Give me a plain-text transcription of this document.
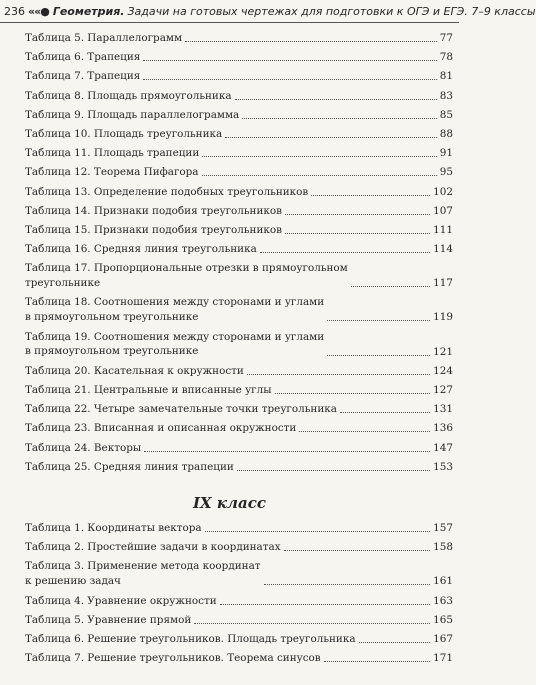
236 ««● Геометрия. Задачи на готовых чертежах для подготовки к ОГЭ и ЕГЭ. 7–9 классы
Таблица 5. Параллелограмм	77
Таблица 6. Трапеция	78
Таблица 7. Трапеция	81
Таблица 8. Площадь прямоугольника	83
Таблица 9. Площадь параллелограмма	85
Таблица 10. Площадь треугольника	88
Таблица 11. Площадь трапеции	91
Таблица 12. Теорема Пифагора	95
Таблица 13. Определение подобных треугольников	102
Таблица 14. Признаки подобия треугольников	107
Таблица 15. Признаки подобия треугольников	111
Таблица 16. Средняя линия треугольника	114
Таблица 17. Пропорциональные отрезки в прямоугольном
треугольнике	117
Таблица 18. Соотношения между сторонами и углами
в прямоугольном треугольнике	119
Таблица 19. Соотношения между сторонами и углами
в прямоугольном треугольнике	121
Таблица 20. Касательная к окружности	124
Таблица 21. Центральные и вписанные углы	127
Таблица 22. Четыре замечательные точки треугольника	131
Таблица 23. Вписанная и описанная окружности	136
Таблица 24. Векторы	147
Таблица 25. Средняя линия трапеции	153
IX класс
Таблица 1. Координаты вектора	157
Таблица 2. Простейшие задачи в координатах	158
Таблица 3. Применение метода координат
к решению задач	161
Таблица 4. Уравнение окружности	163
Таблица 5. Уравнение прямой	165
Таблица 6. Решение треугольников. Площадь треугольника	167
Таблица 7. Решение треугольников. Теорема синусов	171
